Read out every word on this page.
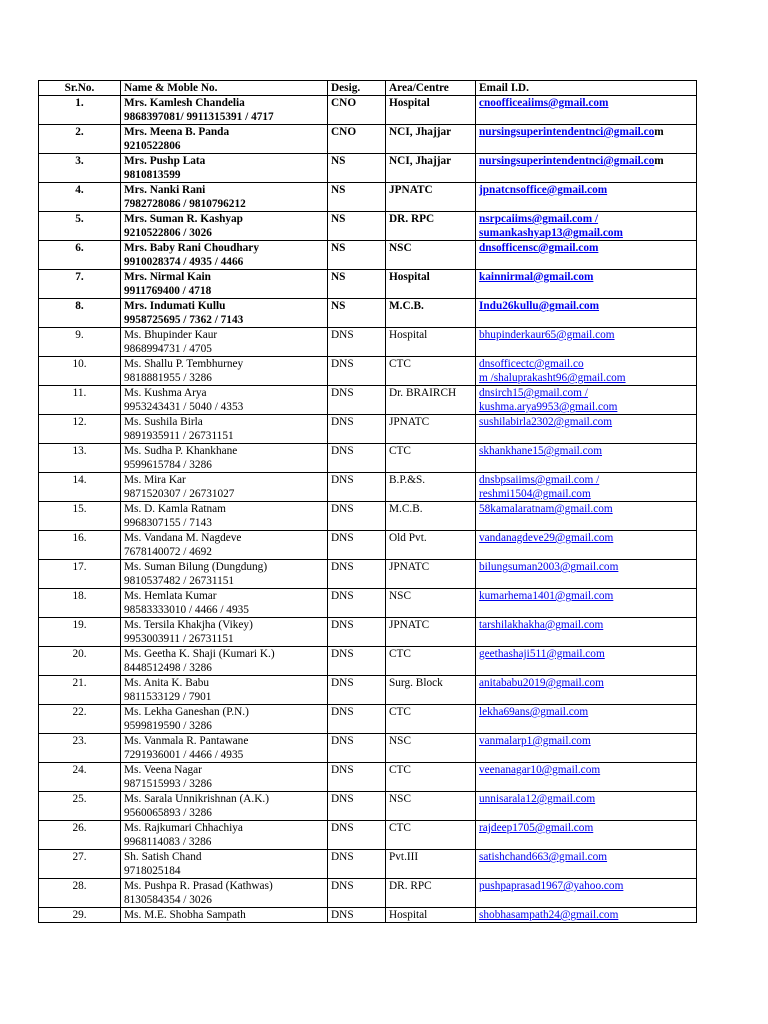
Sr.No.	Name & Moble No.	Desig.	Area/Centre	Email I.D.
1.	Mrs. Kamlesh Chandelia
9868397081/ 9911315391 / 4717	CNO	Hospital	cnoofficeaiims@gmail.com

2.	Mrs. Meena B. Panda
9210522806	CNO	NCI, Jhajjar	nursingsuperintendentnci@gmail.com

3.	Mrs. Pushp Lata
9810813599	NS	NCI, Jhajjar	nursingsuperintendentnci@gmail.com

4.	Mrs. Nanki Rani
7982728086 / 9810796212	NS	JPNATC	jpnatcnsoffice@gmail.com

5.	Mrs. Suman R. Kashyap
9210522806 / 3026	NS	DR. RPC	nsrpcaiims@gmail.com /
sumankashyap13@gmail.com

6.	Mrs. Baby Rani Choudhary
9910028374 / 4935 / 4466	NS	NSC	dnsofficensc@gmail.com

7.	Mrs. Nirmal Kain
9911769400 / 4718	NS	Hospital	kainnirmal@gmail.com

8.	Mrs. Indumati Kullu
9958725695 / 7362 / 7143	NS	M.C.B.	Indu26kullu@gmail.com

9.	Ms. Bhupinder Kaur
9868994731 / 4705	DNS	Hospital	bhupinderkaur65@gmail.com

10.	Ms. Shallu P. Tembhurney
9818881955 / 3286	DNS	CTC	dnsofficectc@gmail.co
m /shaluprakasht96@gmail.com

11.	Ms. Kushma Arya
9953243431 / 5040 / 4353	DNS	Dr. BRAIRCH	dnsirch15@gmail.com /
kushma.arya9953@gmail.com

12.	Ms. Sushila Birla
9891935911 / 26731151	DNS	JPNATC	sushilabirla2302@gmail.com

13.	Ms. Sudha P. Khankhane
9599615784 / 3286	DNS	CTC	skhankhane15@gmail.com

14.	Ms. Mira Kar
9871520307 / 26731027	DNS	B.P.&S.	dnsbpsaiims@gmail.com /
reshmi1504@gmail.com

15.	Ms. D. Kamla Ratnam
9968307155 / 7143	DNS	M.C.B.	58kamalaratnam@gmail.com

16.	Ms. Vandana M. Nagdeve
7678140072 / 4692	DNS	Old Pvt.	vandanagdeve29@gmail.com

17.	Ms. Suman Bilung (Dungdung)
9810537482 / 26731151	DNS	JPNATC	bilungsuman2003@gmail.com

18.	Ms. Hemlata Kumar
98583333010 / 4466 / 4935	DNS	NSC	kumarhema1401@gmail.com

19.	Ms. Tersila Khakjha (Vikey)
9953003911 / 26731151	DNS	JPNATC	tarshilakhakha@gmail.com

20.	Ms. Geetha K. Shaji (Kumari K.)
8448512498 / 3286	DNS	CTC	geethashaji511@gmail.com

21.	Ms. Anita K. Babu
9811533129 / 7901	DNS	Surg. Block	anitababu2019@gmail.com

22.	Ms. Lekha Ganeshan (P.N.)
9599819590 / 3286	DNS	CTC	lekha69ans@gmail.com

23.	Ms. Vanmala R. Pantawane
7291936001 / 4466 / 4935	DNS	NSC	vanmalarp1@gmail.com

24.	Ms. Veena Nagar
9871515993 / 3286	DNS	CTC	veenanagar10@gmail.com

25.	Ms. Sarala Unnikrishnan (A.K.)
9560065893 / 3286	DNS	NSC	unnisarala12@gmail.com

26.	Ms. Rajkumari Chhachiya
9968114083 / 3286	DNS	CTC	rajdeep1705@gmail.com

27.	Sh. Satish Chand
9718025184	DNS	Pvt.III	satishchand663@gmail.com

28.	Ms. Pushpa R. Prasad (Kathwas)
8130584354 / 3026	DNS	DR. RPC	pushpaprasad1967@yahoo.com

29.	Ms. M.E. Shobha Sampath	DNS	Hospital	shobhasampath24@gmail.com
